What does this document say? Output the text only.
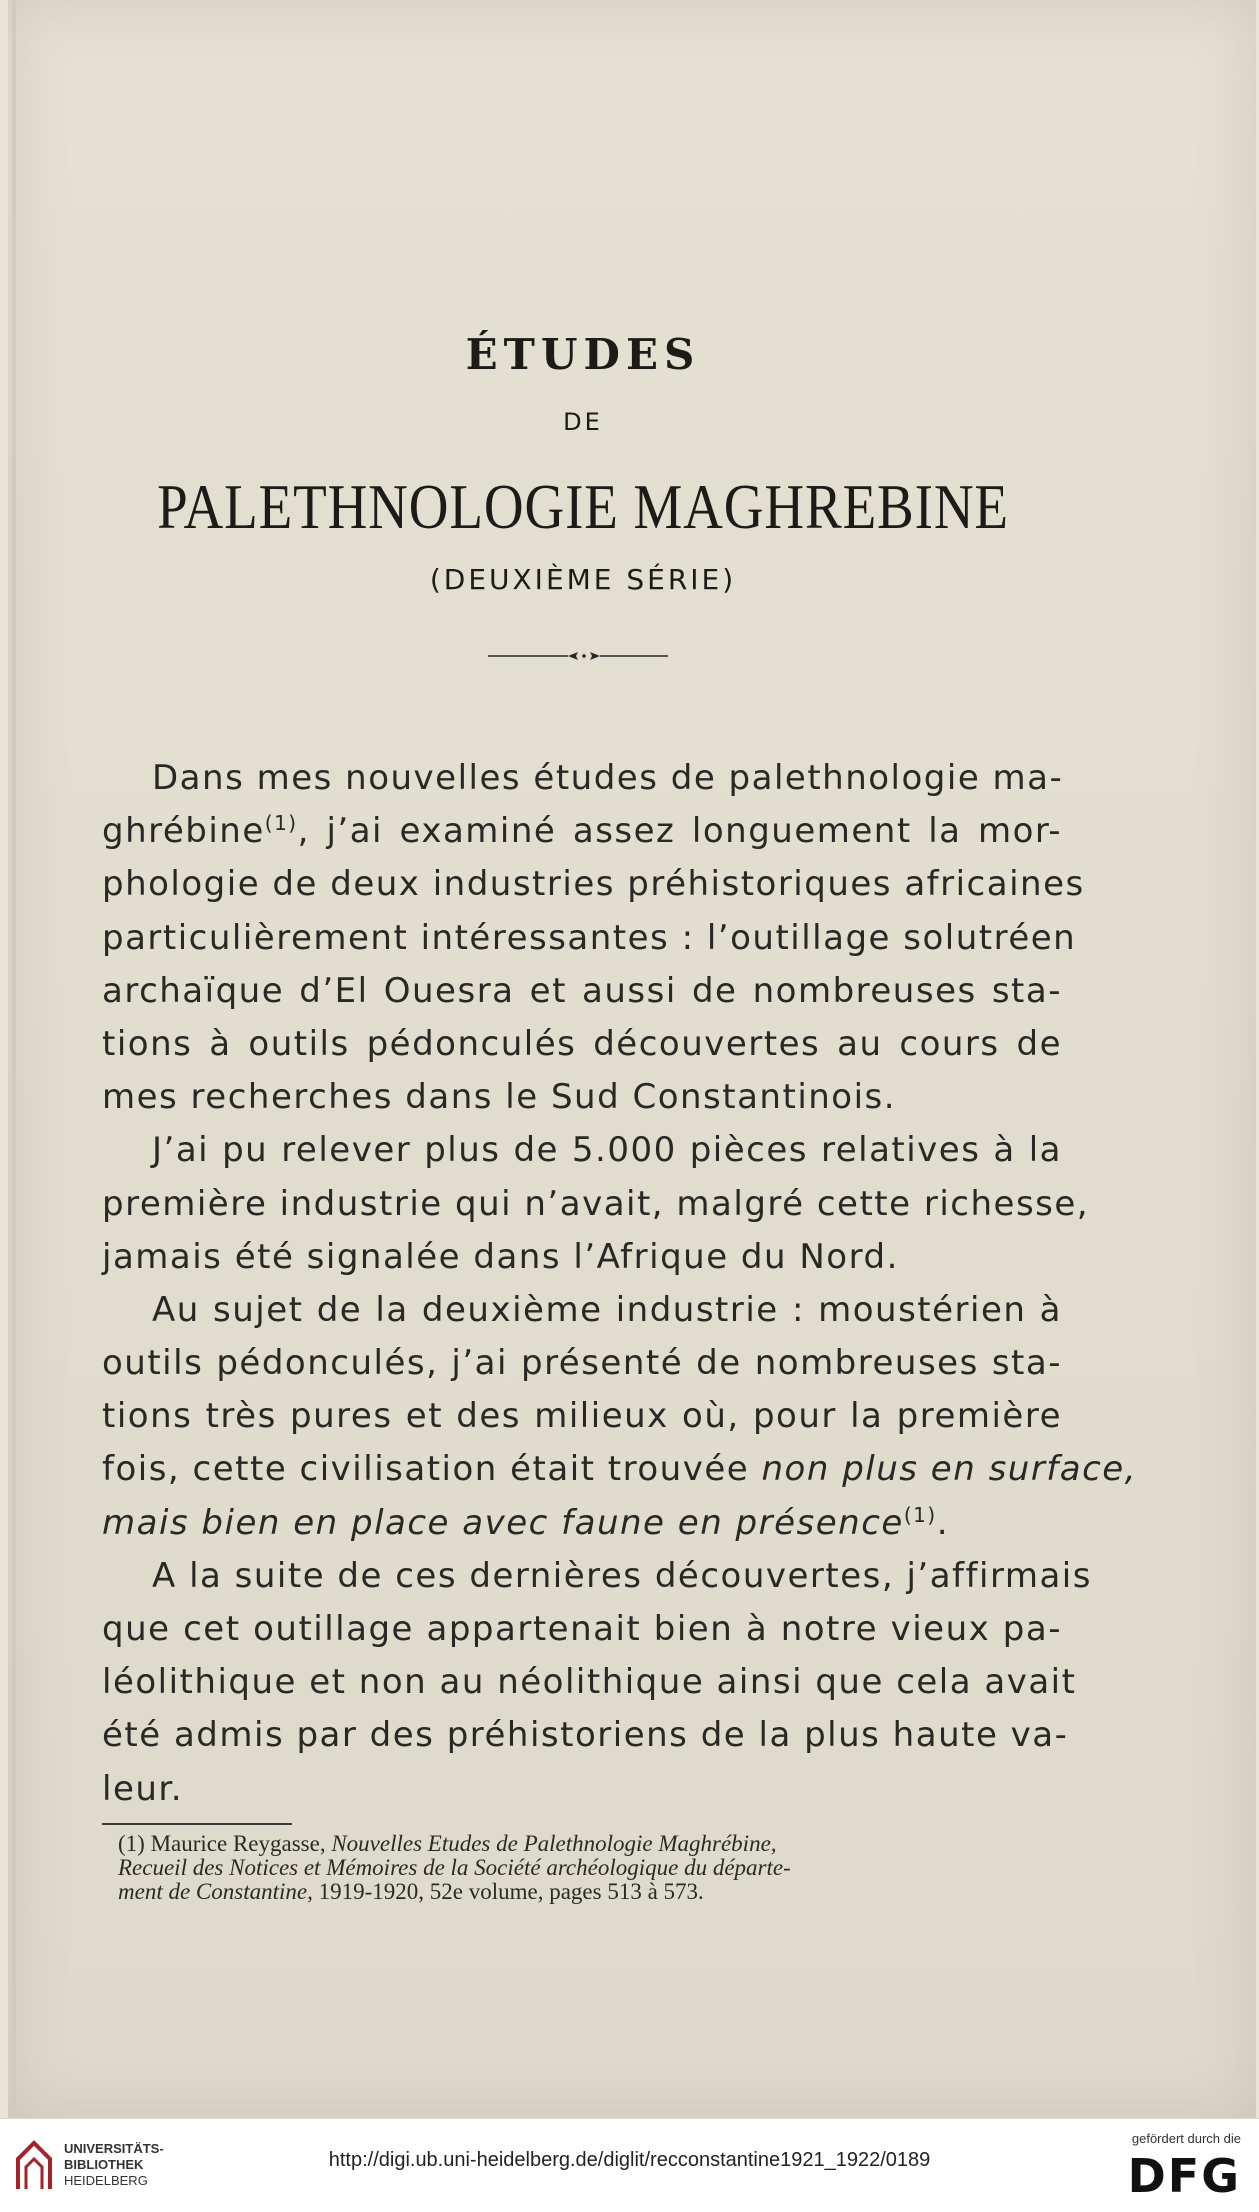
ÉTUDES
DE
PALETHNOLOGIE MAGHREBINE
(DEUXIÈME SÉRIE)

Dans mes nouvelles études de palethnologie ma-
ghrébine$^{(1)}$, j’ai examiné assez longuement la mor-
phologie de deux industries préhistoriques africaines
particulièrement intéressantes : l’outillage solutréen
archaïque d’El Ouesra et aussi de nombreuses sta-
tions à outils pédonculés découvertes au cours de
mes recherches dans le Sud Constantinois.

J’ai pu relever plus de 5.000 pièces relatives à la
première industrie qui n’avait, malgré cette richesse,
jamais été signalée dans l’Afrique du Nord.

Au sujet de la deuxième industrie : moustérien à
outils pédonculés, j’ai présenté de nombreuses sta-
tions très pures et des milieux où, pour la première
fois, cette civilisation était trouvée non plus en surface,
mais bien en place avec faune en présence$^{(1)}$.

A la suite de ces dernières découvertes, j’affirmais
que cet outillage appartenait bien à notre vieux pa-
léolithique et non au néolithique ainsi que cela avait
été admis par des préhistoriens de la plus haute va-
leur.

(1) Maurice Reygasse, Nouvelles Etudes de Palethnologie Maghrébine,
Recueil des Notices et Mémoires de la Société archéologique du départe-
ment de Constantine, 1919-1920, 52e volume, pages 513 à 573.
UNIVERSITÄTS-
BIBLIOTHEK
HEIDELBERG
http://digi.ub.uni-heidelberg.de/diglit/recconstantine1921_1922/0189
gefördert durch die
DFG
